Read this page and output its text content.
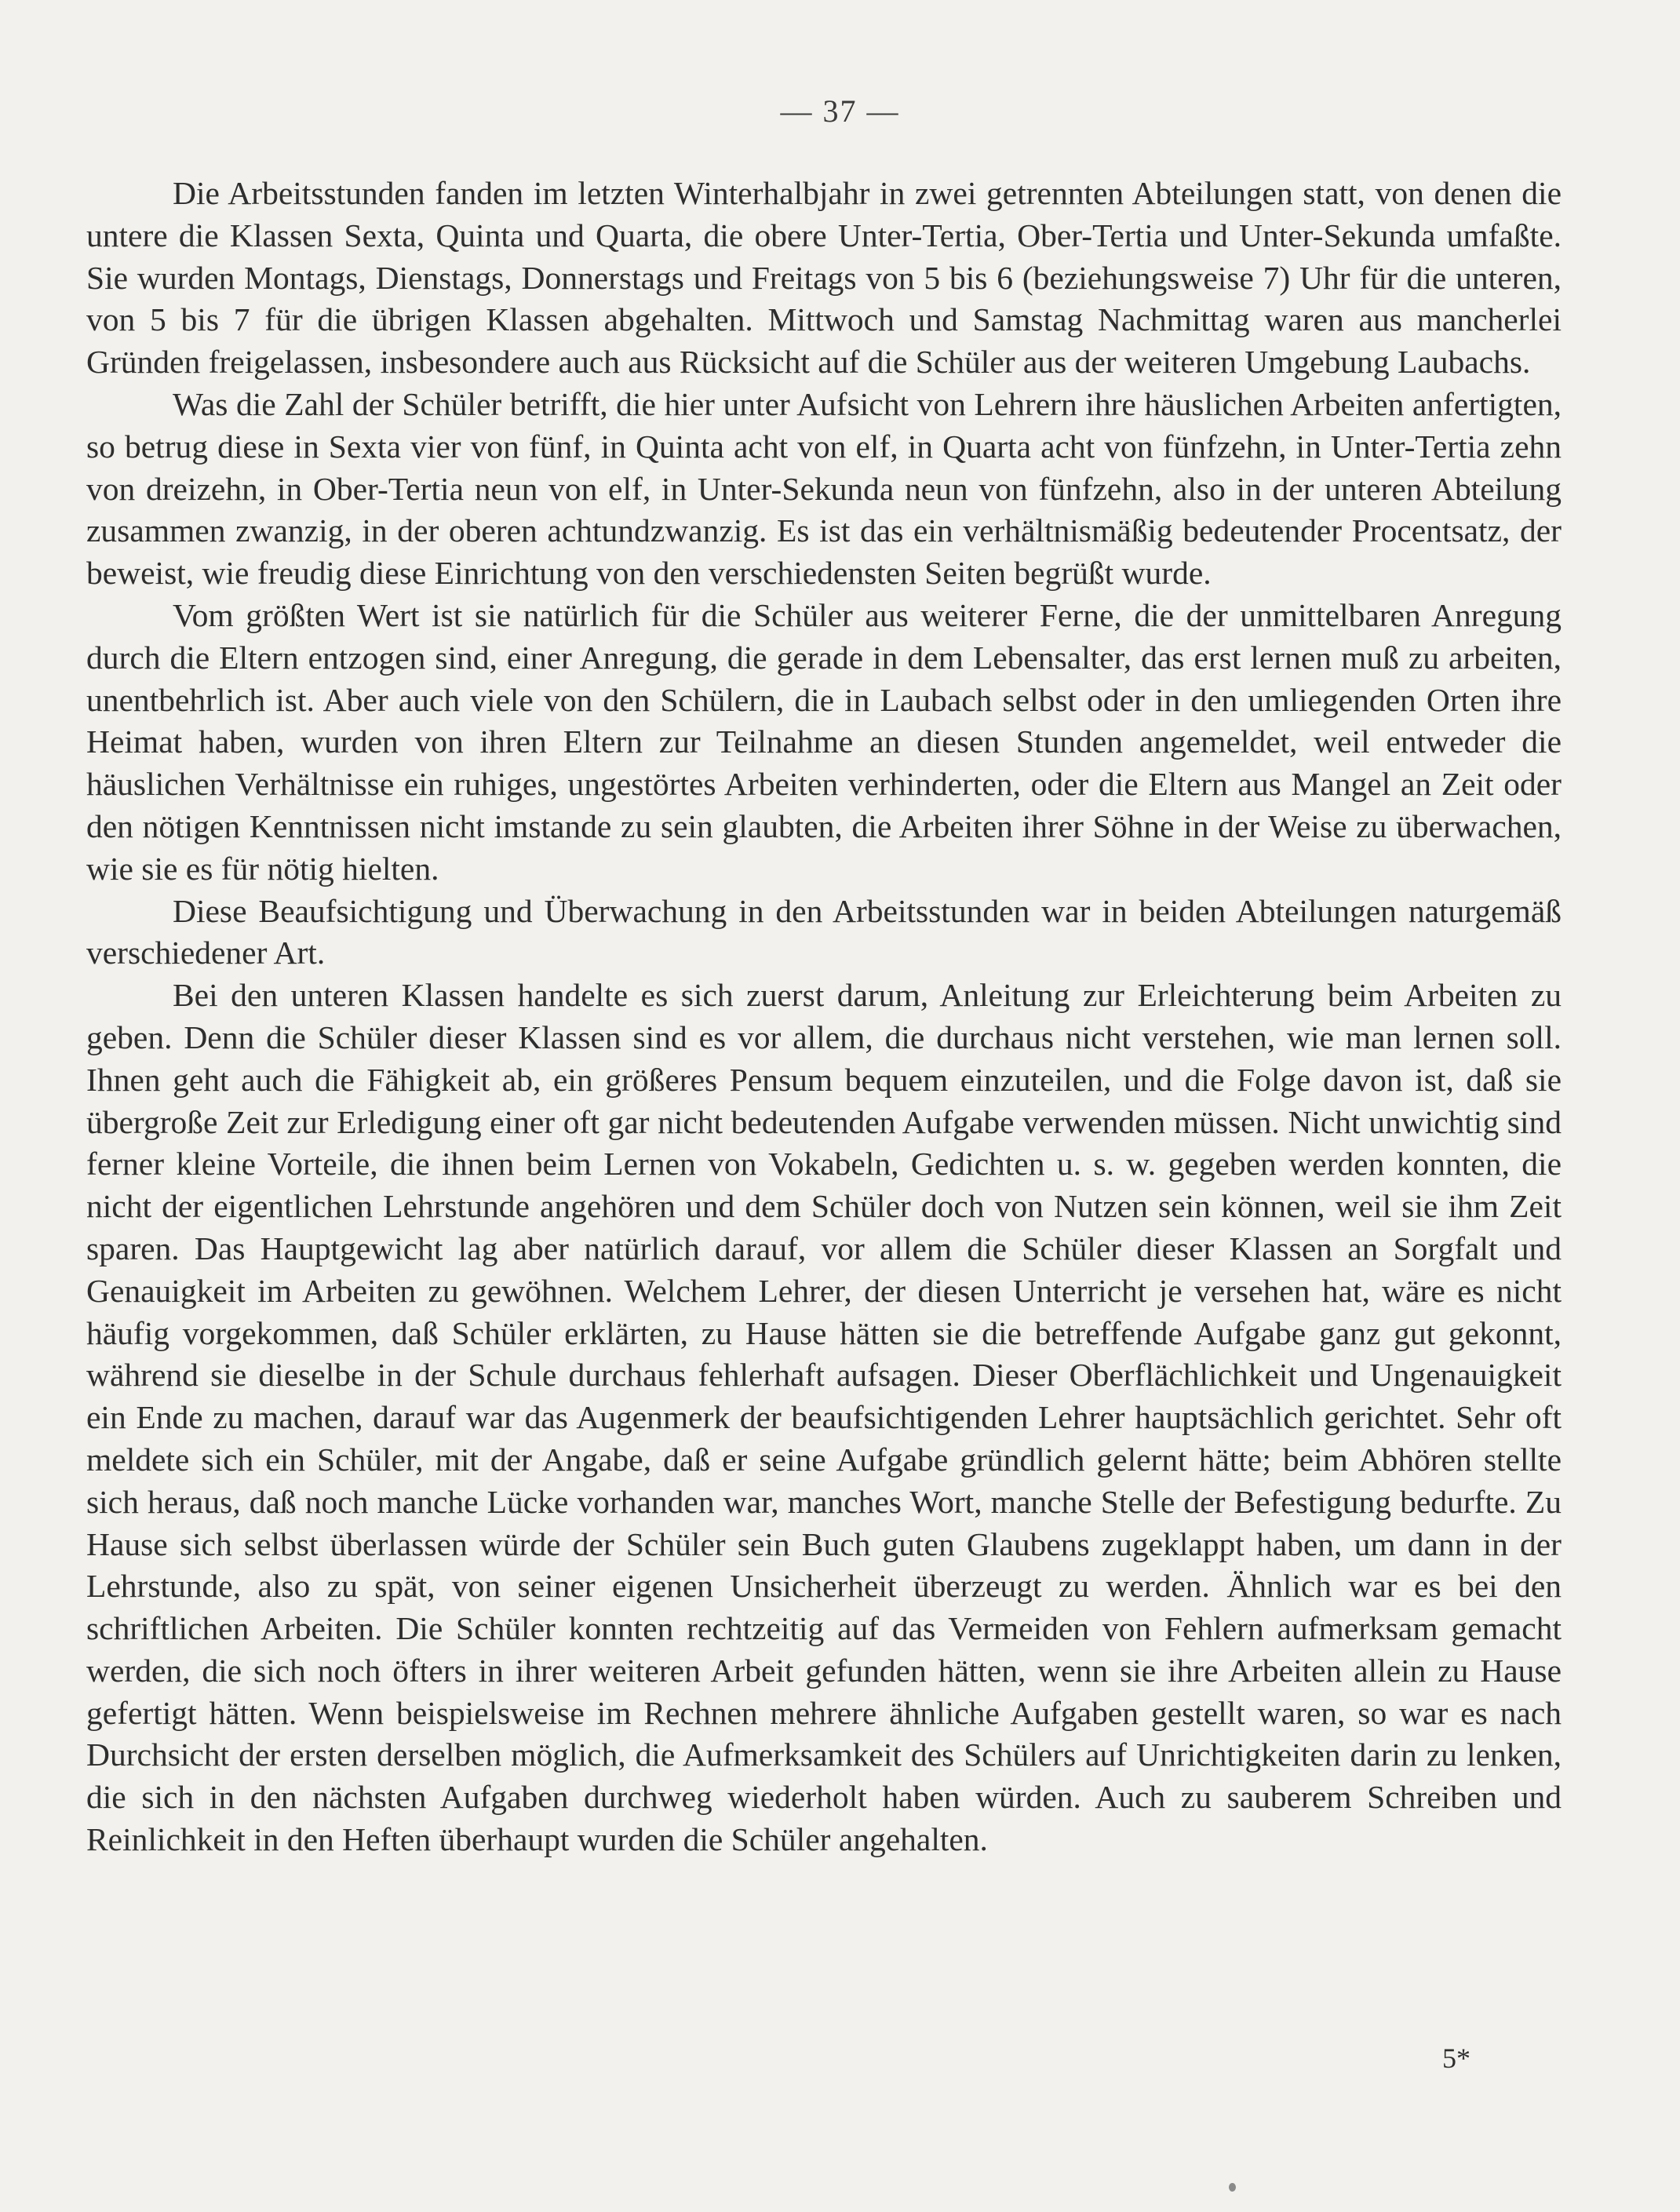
— 37 —

Die Arbeitsstunden fanden im letzten Winterhalbjahr in zwei getrennten Abteilungen statt, von denen die untere die Klassen Sexta, Quinta und Quarta, die obere Unter-Tertia, Ober-Tertia und Unter-Sekunda umfaßte. Sie wurden Montags, Dienstags, Donnerstags und Freitags von 5 bis 6 (beziehungsweise 7) Uhr für die unteren, von 5 bis 7 für die übrigen Klassen abgehalten. Mittwoch und Samstag Nachmittag waren aus mancherlei Gründen freigelassen, insbesondere auch aus Rücksicht auf die Schüler aus der weiteren Umgebung Laubachs.

Was die Zahl der Schüler betrifft, die hier unter Aufsicht von Lehrern ihre häuslichen Arbeiten anfertigten, so betrug diese in Sexta vier von fünf, in Quinta acht von elf, in Quarta acht von fünfzehn, in Unter-Tertia zehn von dreizehn, in Ober-Tertia neun von elf, in Unter-Sekunda neun von fünfzehn, also in der unteren Abteilung zusammen zwanzig, in der oberen achtundzwanzig. Es ist das ein verhältnismäßig bedeutender Procentsatz, der beweist, wie freudig diese Einrichtung von den verschiedensten Seiten begrüßt wurde.

Vom größten Wert ist sie natürlich für die Schüler aus weiterer Ferne, die der unmittelbaren Anregung durch die Eltern entzogen sind, einer Anregung, die gerade in dem Lebensalter, das erst lernen muß zu arbeiten, unentbehrlich ist. Aber auch viele von den Schülern, die in Laubach selbst oder in den umliegenden Orten ihre Heimat haben, wurden von ihren Eltern zur Teilnahme an diesen Stunden angemeldet, weil entweder die häuslichen Verhältnisse ein ruhiges, ungestörtes Arbeiten verhinderten, oder die Eltern aus Mangel an Zeit oder den nötigen Kenntnissen nicht imstande zu sein glaubten, die Arbeiten ihrer Söhne in der Weise zu überwachen, wie sie es für nötig hielten.

Diese Beaufsichtigung und Überwachung in den Arbeitsstunden war in beiden Abteilungen naturgemäß verschiedener Art.

Bei den unteren Klassen handelte es sich zuerst darum, Anleitung zur Erleichterung beim Arbeiten zu geben. Denn die Schüler dieser Klassen sind es vor allem, die durchaus nicht verstehen, wie man lernen soll. Ihnen geht auch die Fähigkeit ab, ein größeres Pensum bequem einzuteilen, und die Folge davon ist, daß sie übergroße Zeit zur Erledigung einer oft gar nicht bedeutenden Aufgabe verwenden müssen. Nicht unwichtig sind ferner kleine Vorteile, die ihnen beim Lernen von Vokabeln, Gedichten u. s. w. gegeben werden konnten, die nicht der eigentlichen Lehrstunde angehören und dem Schüler doch von Nutzen sein können, weil sie ihm Zeit sparen. Das Hauptgewicht lag aber natürlich darauf, vor allem die Schüler dieser Klassen an Sorgfalt und Genauigkeit im Arbeiten zu gewöhnen. Welchem Lehrer, der diesen Unterricht je versehen hat, wäre es nicht häufig vorgekommen, daß Schüler erklärten, zu Hause hätten sie die betreffende Aufgabe ganz gut gekonnt, während sie dieselbe in der Schule durchaus fehlerhaft aufsagen. Dieser Oberflächlichkeit und Ungenauigkeit ein Ende zu machen, darauf war das Augenmerk der beaufsichtigenden Lehrer hauptsächlich gerichtet. Sehr oft meldete sich ein Schüler, mit der Angabe, daß er seine Aufgabe gründlich gelernt hätte; beim Abhören stellte sich heraus, daß noch manche Lücke vorhanden war, manches Wort, manche Stelle der Befestigung bedurfte. Zu Hause sich selbst überlassen würde der Schüler sein Buch guten Glaubens zugeklappt haben, um dann in der Lehrstunde, also zu spät, von seiner eigenen Unsicherheit überzeugt zu werden. Ähnlich war es bei den schriftlichen Arbeiten. Die Schüler konnten rechtzeitig auf das Vermeiden von Fehlern aufmerksam gemacht werden, die sich noch öfters in ihrer weiteren Arbeit gefunden hätten, wenn sie ihre Arbeiten allein zu Hause gefertigt hätten. Wenn beispielsweise im Rechnen mehrere ähnliche Aufgaben gestellt waren, so war es nach Durchsicht der ersten derselben möglich, die Aufmerksamkeit des Schülers auf Unrichtigkeiten darin zu lenken, die sich in den nächsten Aufgaben durchweg wiederholt haben würden. Auch zu sauberem Schreiben und Reinlichkeit in den Heften überhaupt wurden die Schüler angehalten.

5*
